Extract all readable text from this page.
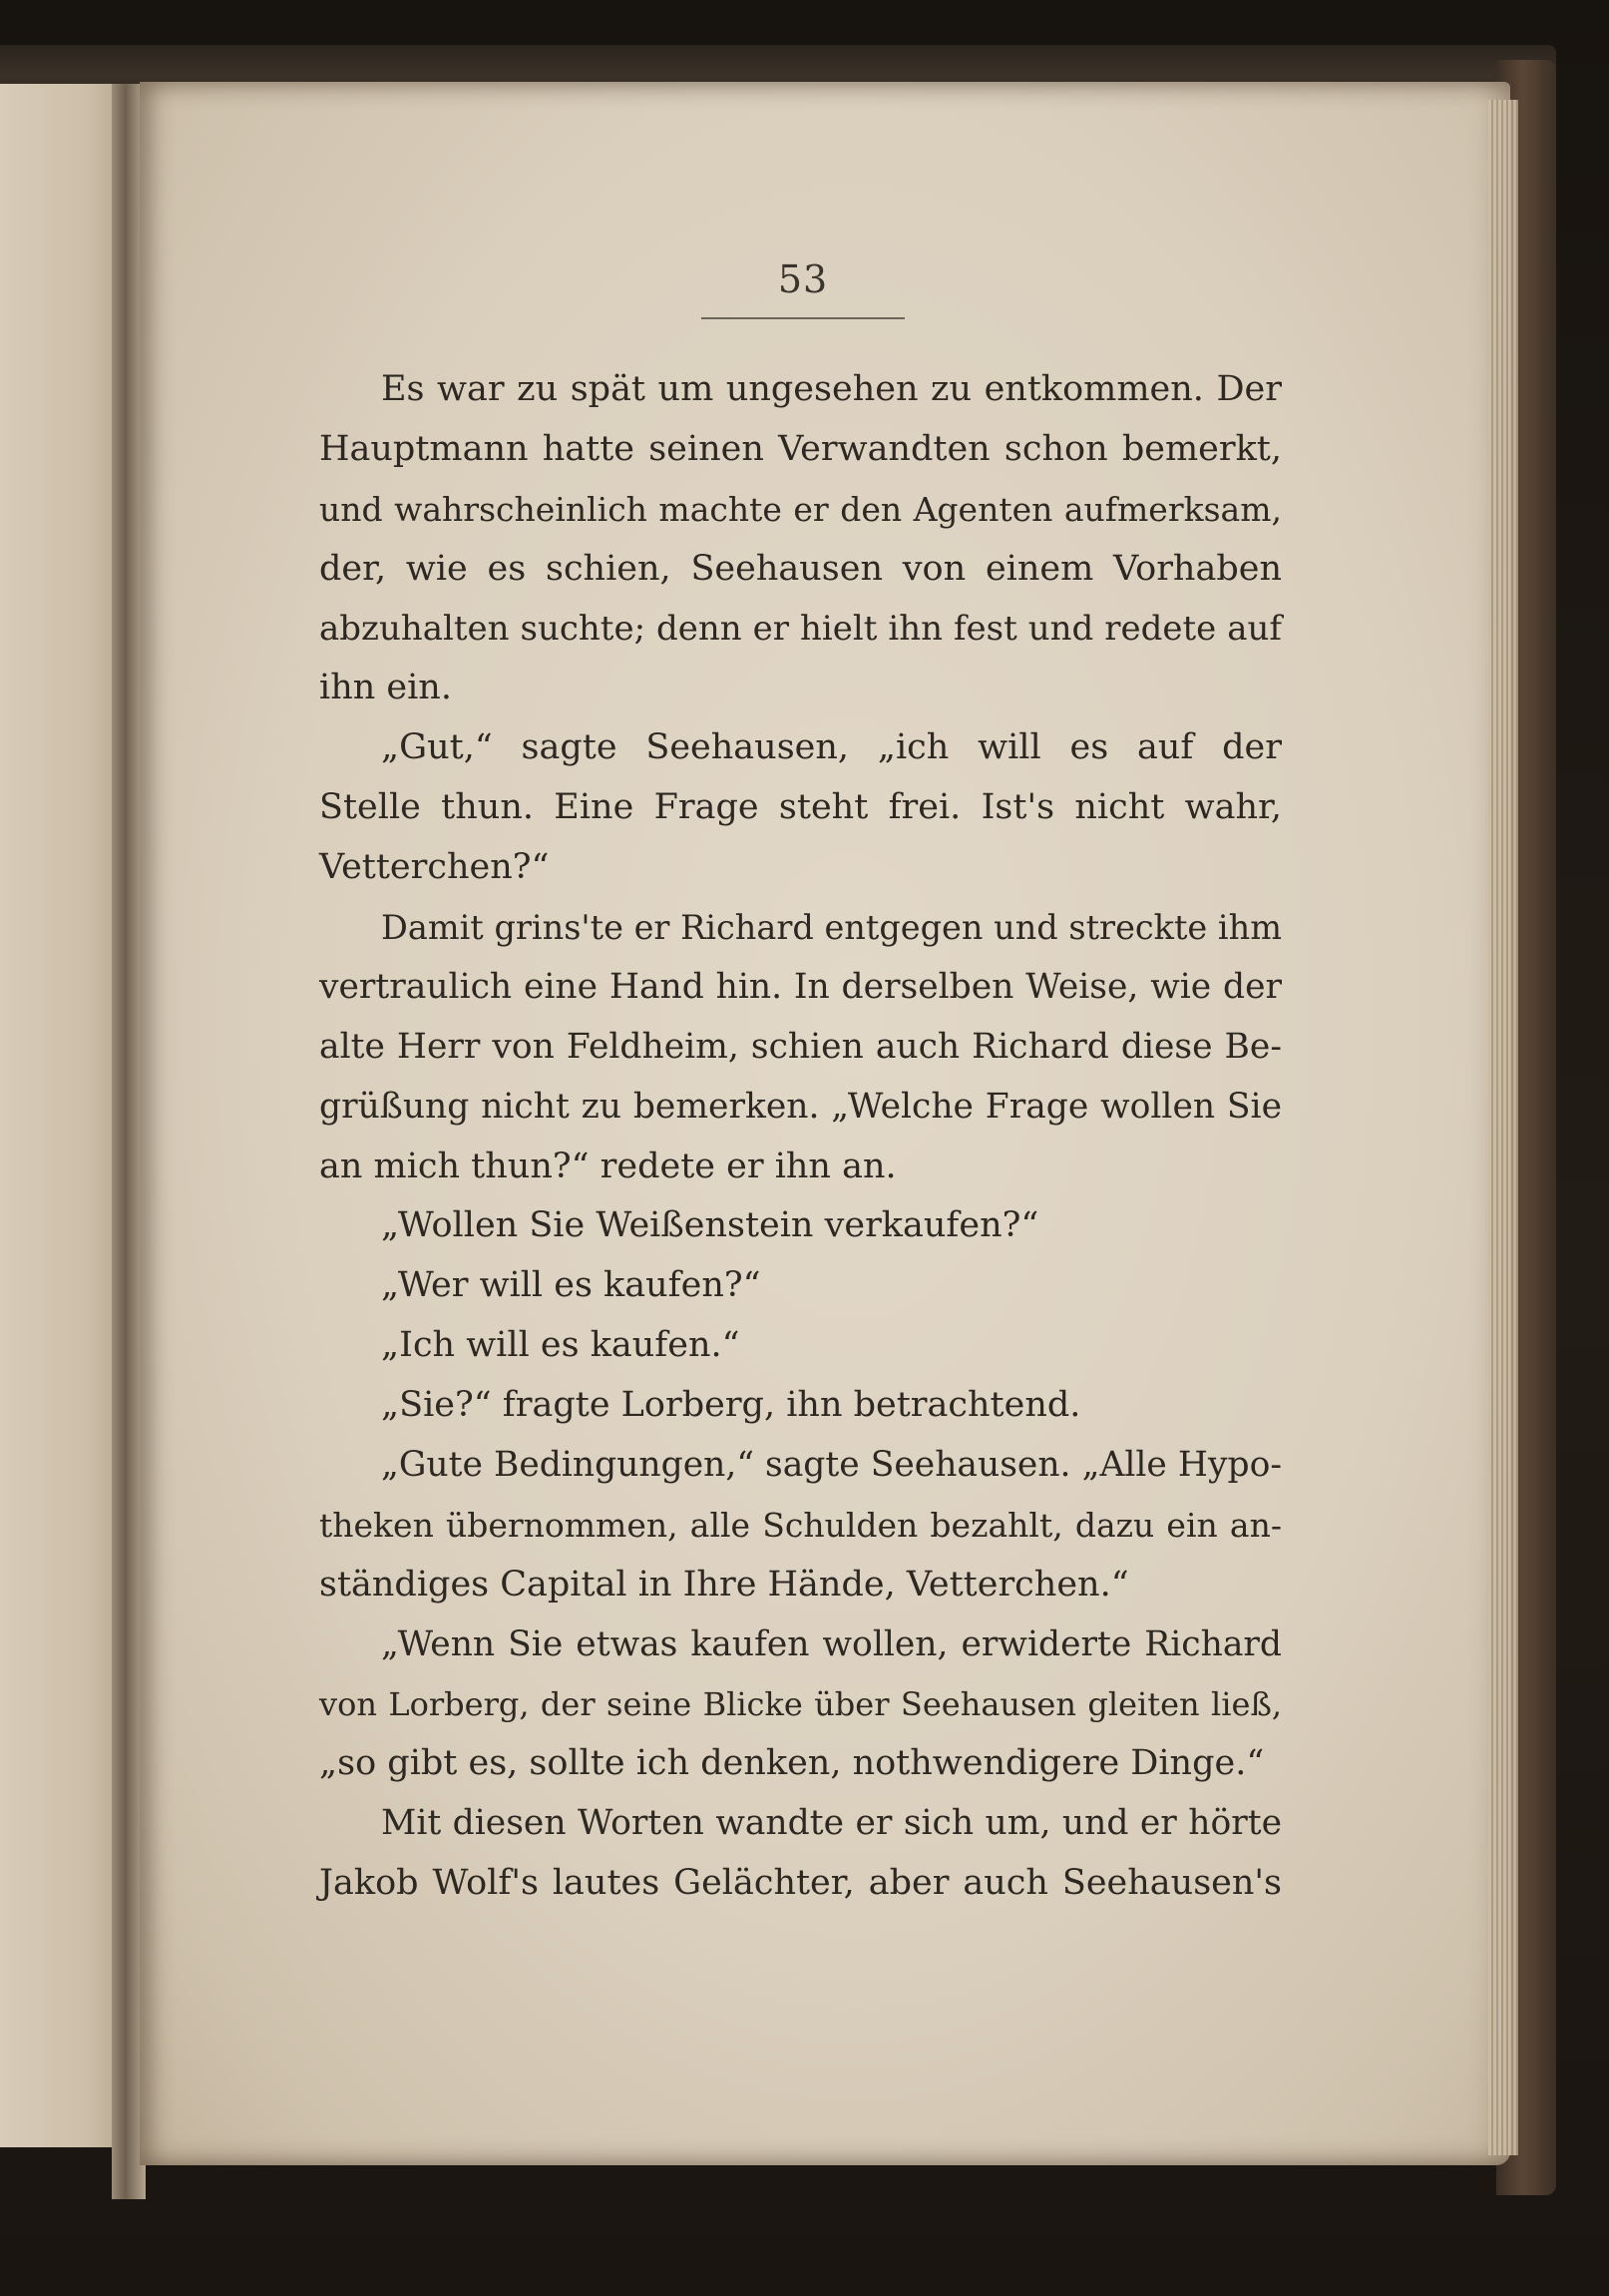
53
Es war zu spät um ungesehen zu entkommen. Der
Hauptmann hatte seinen Verwandten schon bemerkt,
und wahrscheinlich machte er den Agenten aufmerksam,
der, wie es schien, Seehausen von einem Vorhaben
abzuhalten suchte; denn er hielt ihn fest und redete auf
ihn ein.
„Gut,“ sagte Seehausen, „ich will es auf der
Stelle thun. Eine Frage steht frei. Ist's nicht wahr,
Vetterchen?“
Damit grins'te er Richard entgegen und streckte ihm
vertraulich eine Hand hin. In derselben Weise, wie der
alte Herr von Feldheim, schien auch Richard diese Be-
grüßung nicht zu bemerken. „Welche Frage wollen Sie
an mich thun?“ redete er ihn an.
„Wollen Sie Weißenstein verkaufen?“
„Wer will es kaufen?“
„Ich will es kaufen.“
„Sie?“ fragte Lorberg, ihn betrachtend.
„Gute Bedingungen,“ sagte Seehausen. „Alle Hypo-
theken übernommen, alle Schulden bezahlt, dazu ein an-
ständiges Capital in Ihre Hände, Vetterchen.“
„Wenn Sie etwas kaufen wollen, erwiderte Richard
von Lorberg, der seine Blicke über Seehausen gleiten ließ,
„so gibt es, sollte ich denken, nothwendigere Dinge.“
Mit diesen Worten wandte er sich um, und er hörte
Jakob Wolf's lautes Gelächter, aber auch Seehausen's
